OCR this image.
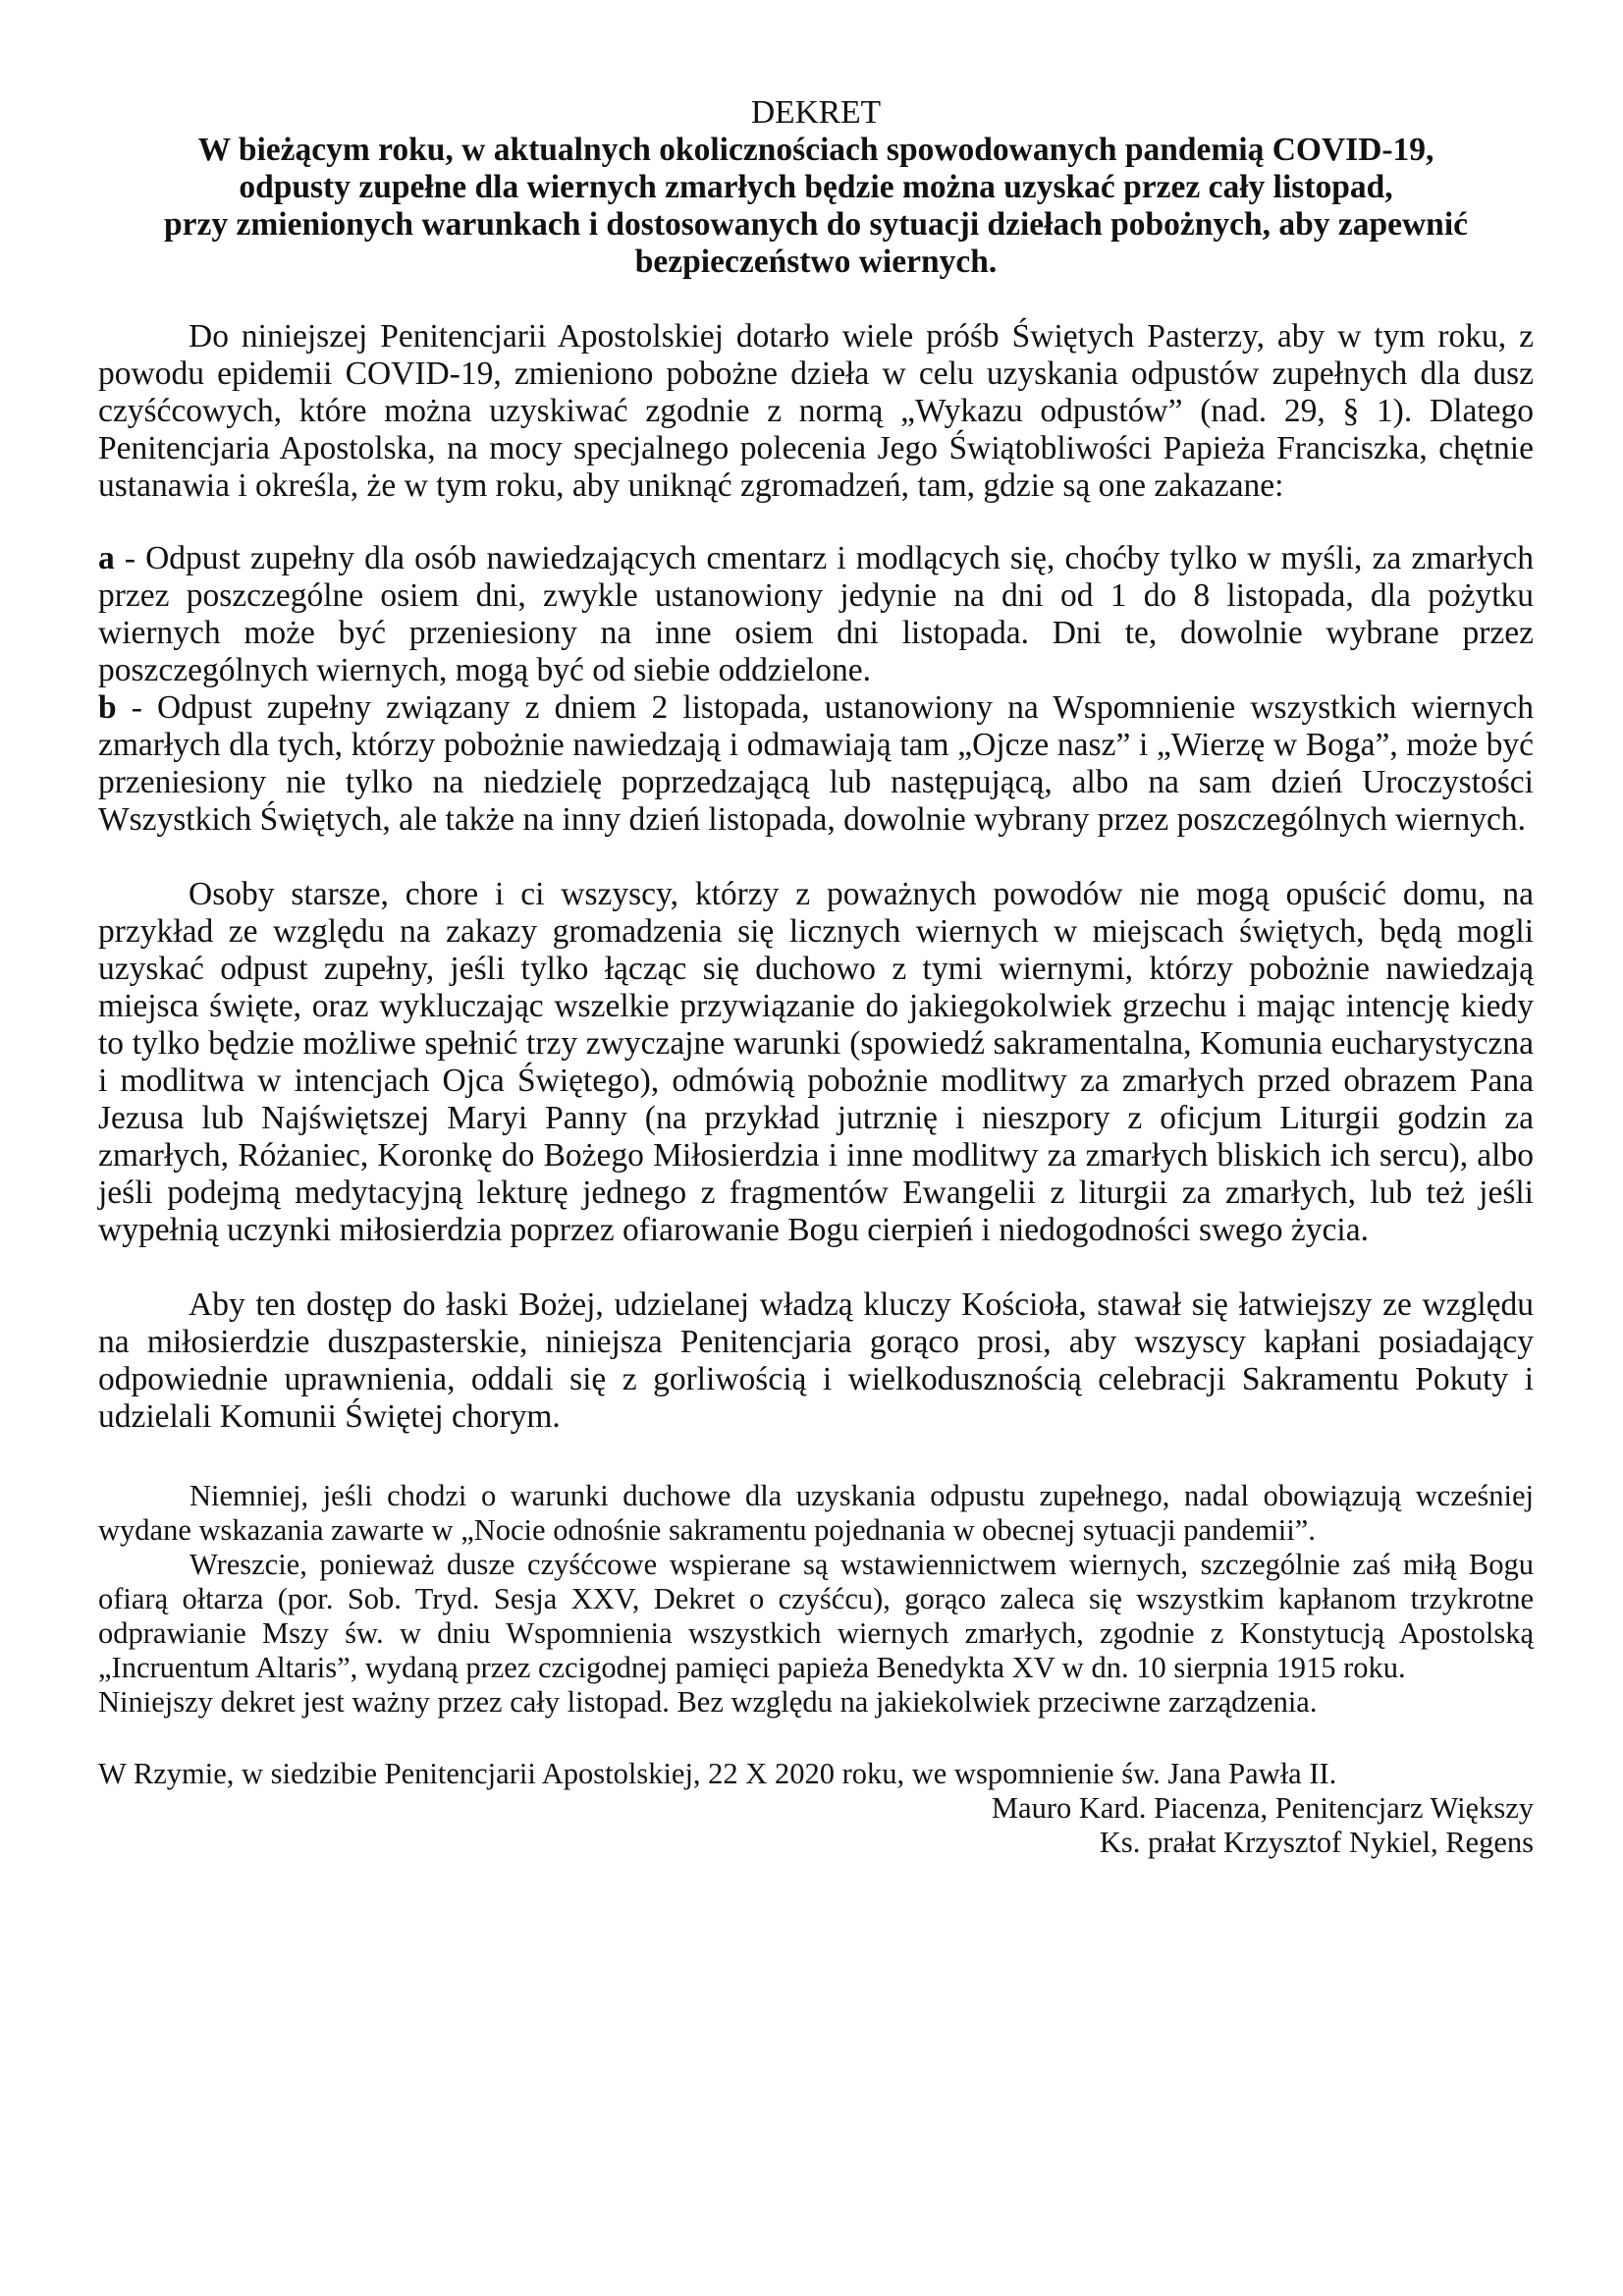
DEKRET
W bieżącym roku, w aktualnych okolicznościach spowodowanych pandemią COVID-19,
odpusty zupełne dla wiernych zmarłych będzie można uzyskać przez cały listopad,
przy zmienionych warunkach i dostosowanych do sytuacji dziełach pobożnych, aby zapewnić
bezpieczeństwo wiernych.

Do niniejszej Penitencjarii Apostolskiej dotarło wiele próśb Świętych Pasterzy, aby w tym roku, z powodu epidemii COVID-19, zmieniono pobożne dzieła w celu uzyskania odpustów zupełnych dla dusz czyśćcowych, które można uzyskiwać zgodnie z normą „Wykazu odpustów” (nad. 29, § 1). Dlatego Penitencjaria Apostolska, na mocy specjalnego polecenia Jego Świątobliwości Papieża Franciszka, chętnie ustanawia i określa, że w tym roku, aby uniknąć zgromadzeń, tam, gdzie są one zakazane:

a - Odpust zupełny dla osób nawiedzających cmentarz i modlących się, choćby tylko w myśli, za zmarłych przez poszczególne osiem dni, zwykle ustanowiony jedynie na dni od 1 do 8 listopada, dla pożytku wiernych może być przeniesiony na inne osiem dni listopada. Dni te, dowolnie wybrane przez poszczególnych wiernych, mogą być od siebie oddzielone.

b - Odpust zupełny związany z dniem 2 listopada, ustanowiony na Wspomnienie wszystkich wiernych zmarłych dla tych, którzy pobożnie nawiedzają i odmawiają tam „Ojcze nasz” i „Wierzę w Boga”, może być przeniesiony nie tylko na niedzielę poprzedzającą lub następującą, albo na sam dzień Uroczystości Wszystkich Świętych, ale także na inny dzień listopada, dowolnie wybrany przez poszczególnych wiernych.

Osoby starsze, chore i ci wszyscy, którzy z poważnych powodów nie mogą opuścić domu, na przykład ze względu na zakazy gromadzenia się licznych wiernych w miejscach świętych, będą mogli uzyskać odpust zupełny, jeśli tylko łącząc się duchowo z tymi wiernymi, którzy pobożnie nawiedzają miejsca święte, oraz wykluczając wszelkie przywiązanie do jakiegokolwiek grzechu i mając intencję kiedy to tylko będzie możliwe spełnić trzy zwyczajne warunki (spowiedź sakramentalna, Komunia eucharystyczna i modlitwa w intencjach Ojca Świętego), odmówią pobożnie modlitwy za zmarłych przed obrazem Pana Jezusa lub Najświętszej Maryi Panny (na przykład jutrznię i nieszpory z oficjum Liturgii godzin za zmarłych, Różaniec, Koronkę do Bożego Miłosierdzia i inne modlitwy za zmarłych bliskich ich sercu), albo jeśli podejmą medytacyjną lekturę jednego z fragmentów Ewangelii z liturgii za zmarłych, lub też jeśli wypełnią uczynki miłosierdzia poprzez ofiarowanie Bogu cierpień i niedogodności swego życia.

Aby ten dostęp do łaski Bożej, udzielanej władzą kluczy Kościoła, stawał się łatwiejszy ze względu na miłosierdzie duszpasterskie, niniejsza Penitencjaria gorąco prosi, aby wszyscy kapłani posiadający odpowiednie uprawnienia, oddali się z gorliwością i wielkodusznością celebracji Sakramentu Pokuty i udzielali Komunii Świętej chorym.

Niemniej, jeśli chodzi o warunki duchowe dla uzyskania odpustu zupełnego, nadal obowiązują wcześniej wydane wskazania zawarte w „Nocie odnośnie sakramentu pojednania w obecnej sytuacji pandemii”.

Wreszcie, ponieważ dusze czyśćcowe wspierane są wstawiennictwem wiernych, szczególnie zaś miłą Bogu ofiarą ołtarza (por. Sob. Tryd. Sesja XXV, Dekret o czyśćcu), gorąco zaleca się wszystkim kapłanom trzykrotne odprawianie Mszy św. w dniu Wspomnienia wszystkich wiernych zmarłych, zgodnie z Konstytucją Apostolską „Incruentum Altaris”, wydaną przez czcigodnej pamięci papieża Benedykta XV w dn. 10 sierpnia 1915 roku.

Niniejszy dekret jest ważny przez cały listopad. Bez względu na jakiekolwiek przeciwne zarządzenia.

W Rzymie, w siedzibie Penitencjarii Apostolskiej, 22 X 2020 roku, we wspomnienie św. Jana Pawła II.

Mauro Kard. Piacenza, Penitencjarz Większy
Ks. prałat Krzysztof Nykiel, Regens
